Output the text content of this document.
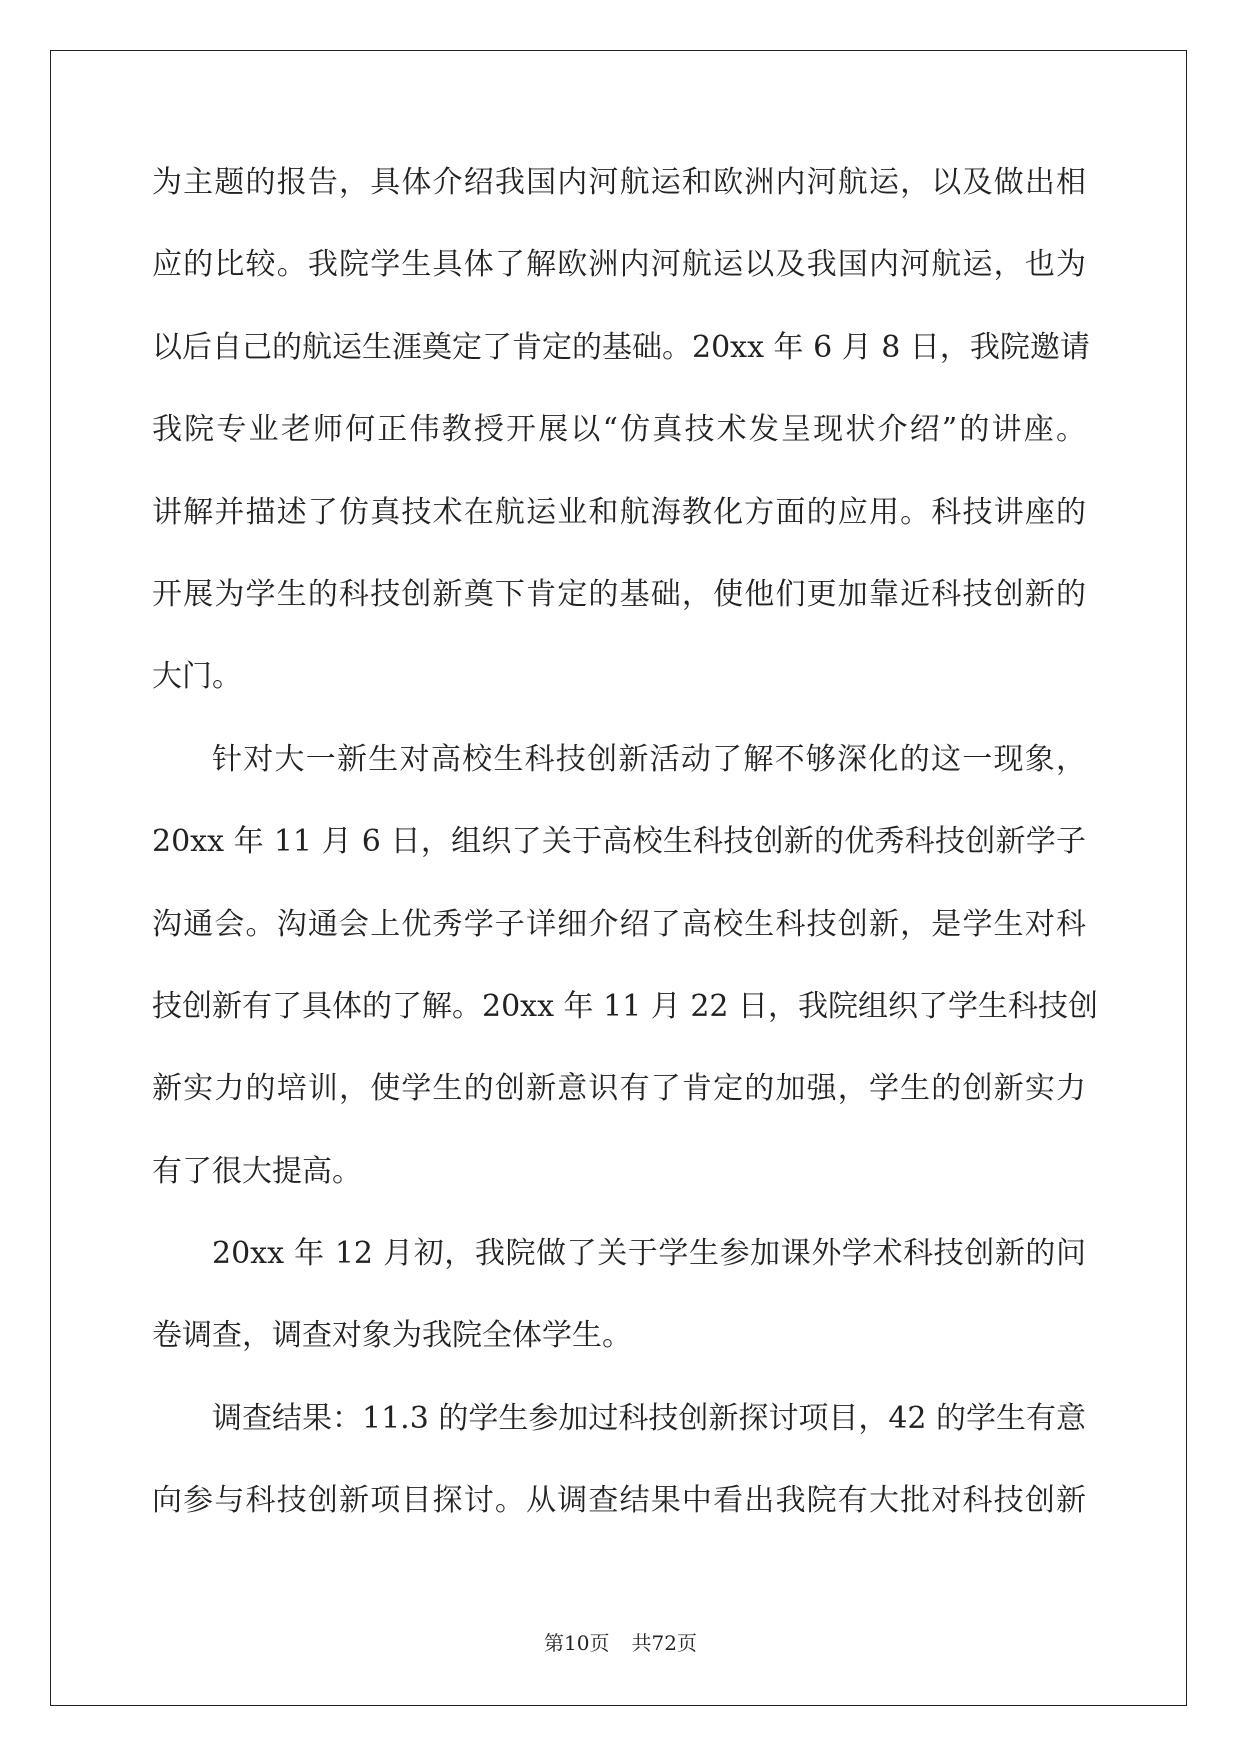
为主题的报告，具体介绍我国内河航运和欧洲内河航运，以及做出相
应的比较。我院学生具体了解欧洲内河航运以及我国内河航运，也为
以后自己的航运生涯奠定了肯定的基础。20xx 年 6 月 8 日，我院邀请
我院专业老师何正伟教授开展以“仿真技术发呈现状介绍”的讲座。
讲解并描述了仿真技术在航运业和航海教化方面的应用。科技讲座的
开展为学生的科技创新奠下肯定的基础，使他们更加靠近科技创新的
大门。
针对大一新生对高校生科技创新活动了解不够深化的这一现象，
20xx 年 11 月 6 日，组织了关于高校生科技创新的优秀科技创新学子
沟通会。沟通会上优秀学子详细介绍了高校生科技创新，是学生对科
技创新有了具体的了解。20xx 年 11 月 22 日，我院组织了学生科技创
新实力的培训，使学生的创新意识有了肯定的加强，学生的创新实力
有了很大提高。
20xx 年 12 月初，我院做了关于学生参加课外学术科技创新的问
卷调查，调查对象为我院全体学生。
调查结果：11.3 的学生参加过科技创新探讨项目，42 的学生有意
向参与科技创新项目探讨。从调查结果中看出我院有大批对科技创新
第10页 共72页
